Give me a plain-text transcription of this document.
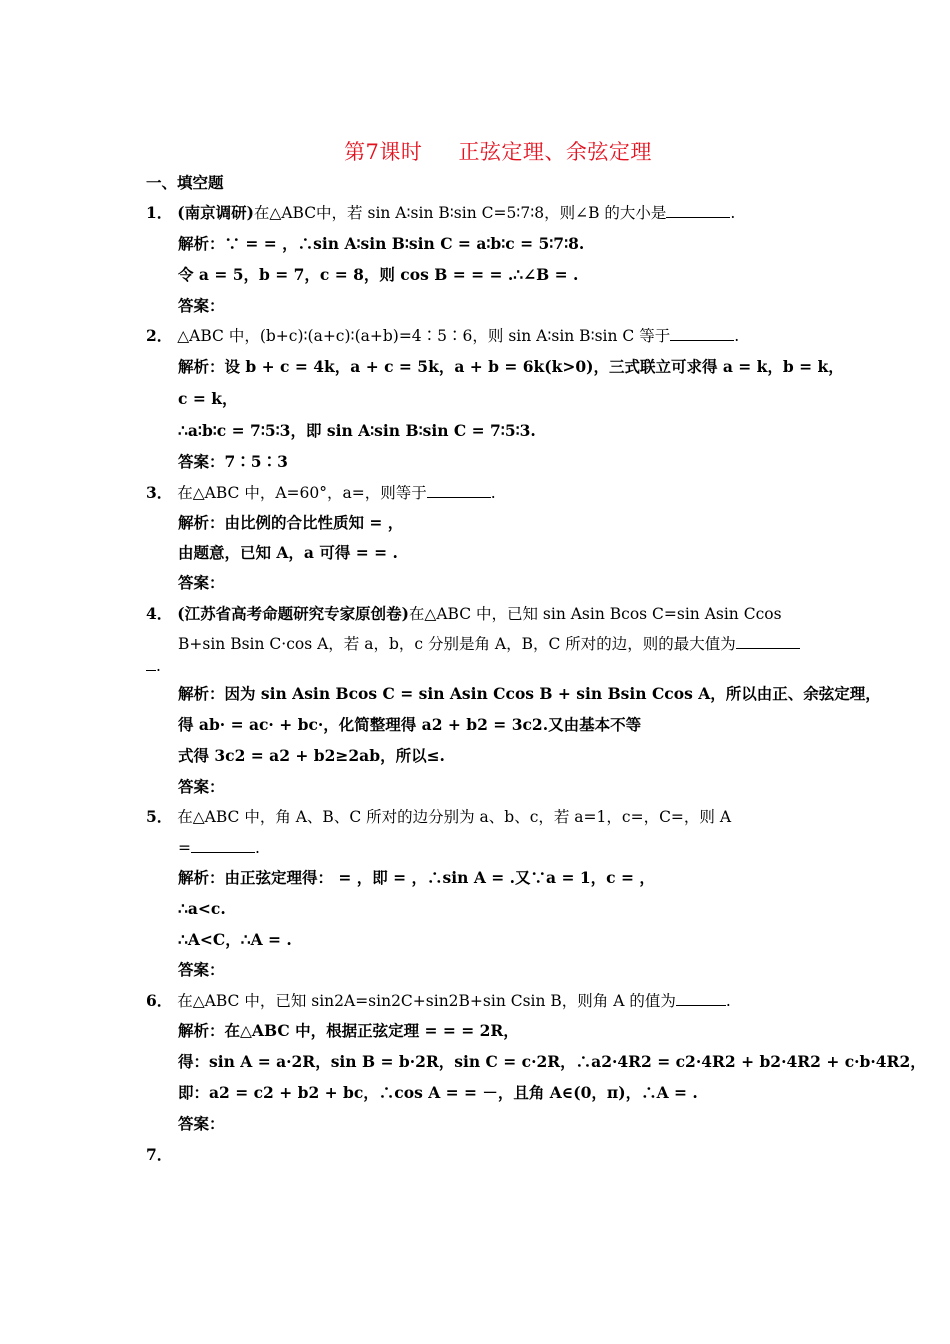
第7课时 正弦定理、余弦定理
一、填空题
1． (南京调研)在△ABC中，若 sin A∶sin B∶sin C=5∶7∶8，则∠B 的大小是	.
解析：∵ = = ，∴sin A∶sin B∶sin C = a∶b∶c = 5∶7∶8.
令 a = 5，b = 7，c = 8，则 cos B = = = .∴∠B = .
答案：
2． △ABC 中，(b+c)∶(a+c)∶(a+b)=4∶5∶6，则 sin A∶sin B∶sin C 等于	.
解析：设 b + c = 4k，a + c = 5k，a + b = 6k(k>0)，三式联立可求得 a = k，b = k，
c = k，
∴a∶b∶c = 7∶5∶3，即 sin A∶sin B∶sin C = 7∶5∶3.
答案：7∶5∶3
3． 在△ABC 中，A=60°，a=，则等于	.
解析：由比例的合比性质知 = ，
由题意，已知 A，a 可得 = = .
答案：
4． (江苏省高考命题研究专家原创卷)在△ABC 中，已知 sin Asin Bcos C=sin Asin Ccos
B+sin Bsin C·cos A，若 a，b，c 分别是角 A，B，C 所对的边，则的最大值为
.
解析：因为 sin Asin Bcos C = sin Asin Ccos B + sin Bsin Ccos A，所以由正、余弦定理，
得 ab· = ac· + bc·，化简整理得 a2 + b2 = 3c2.又由基本不等
式得 3c2 = a2 + b2≥2ab，所以≤.
答案：
5． 在△ABC 中，角 A、B、C 所对的边分别为 a、b、c，若 a=1，c=，C=，则 A
=	.
解析：由正弦定理得： = ，即 = ，∴sin A = .又∵a = 1，c = ，
∴a<c.
∴A<C，∴A = .
答案：
6． 在△ABC 中，已知 sin2A=sin2C+sin2B+sin Csin B，则角 A 的值为	.
解析：在△ABC 中，根据正弦定理 = = = 2R，
得：sin A = a·2R，sin B = b·2R，sin C = c·2R，∴a2·4R2 = c2·4R2 + b2·4R2 + c·b·4R2，
即：a2 = c2 + b2 + bc，∴cos A = = －，且角 A∈(0，π)，∴A = .
答案：
7．
